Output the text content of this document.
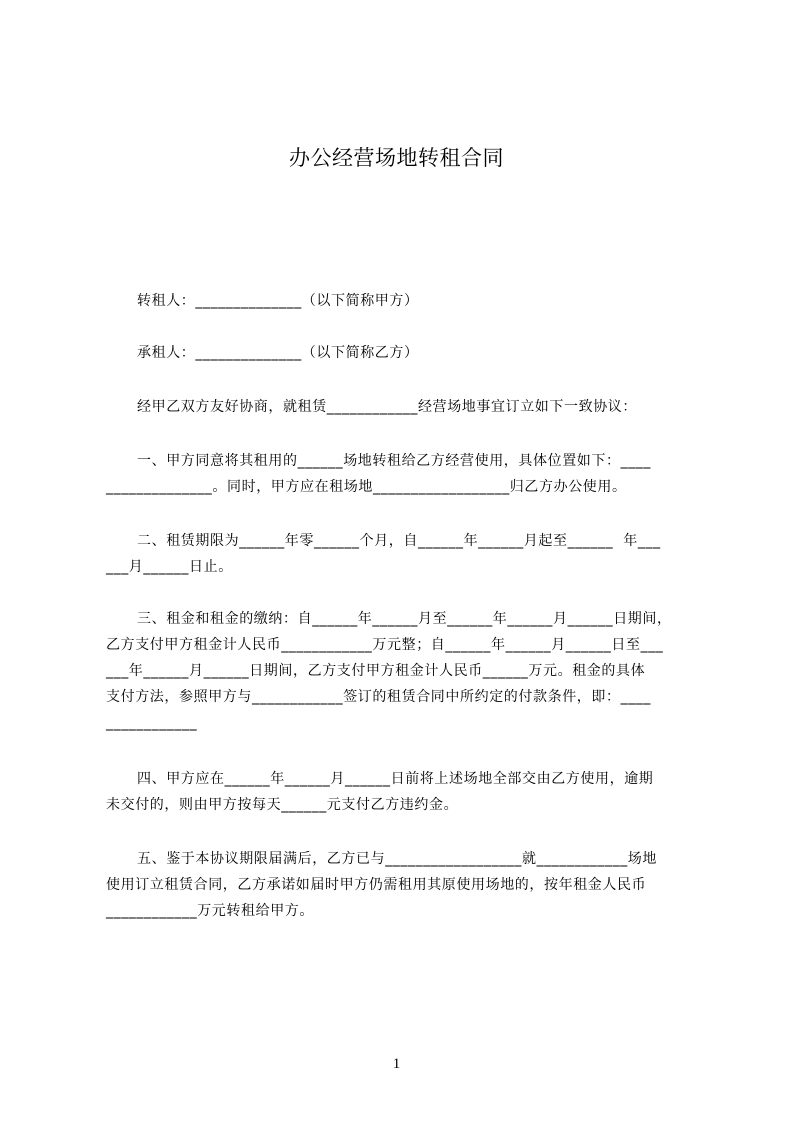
办公经营场地转租合同

转租人：______________（以下简称甲方）

承租人：______________（以下简称乙方）

经甲乙双方友好协商，就租赁____________经营场地事宜订立如下一致协议：

一、甲方同意将其租用的______场地转租给乙方经营使用，具体位置如下：____
______________。同时，甲方应在租场地__________________归乙方办公使用。

二、租赁期限为______年零______个月，自______年______月起至______  年___
___月______日止。

三、租金和租金的缴纳：自______年______月至______年______月______日期间，
乙方支付甲方租金计人民币____________万元整；自______年______月______日至___
___年______月______日期间，乙方支付甲方租金计人民币______万元。租金的具体
支付方法，参照甲方与____________签订的租赁合同中所约定的付款条件，即：____
____________

四、甲方应在______年______月______日前将上述场地全部交由乙方使用，逾期
未交付的，则由甲方按每天______元支付乙方违约金。

五、鉴于本协议期限届满后，乙方已与__________________就____________场地
使用订立租赁合同，乙方承诺如届时甲方仍需租用其原使用场地的，按年租金人民币
____________万元转租给甲方。

1
